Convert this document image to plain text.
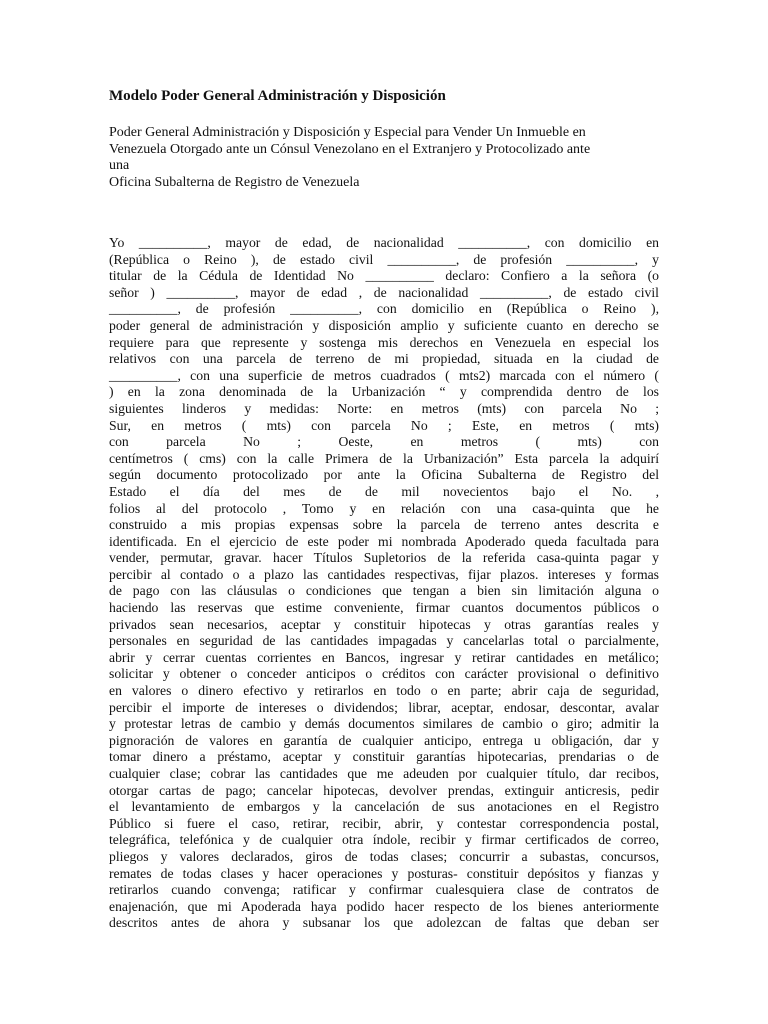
Modelo Poder General Administración y Disposición

Poder General Administración y Disposición y Especial para Vender Un Inmueble en
Venezuela Otorgado ante un Cónsul Venezolano en el Extranjero y Protocolizado ante
una
Oficina Subalterna de Registro de Venezuela

Yo __________, mayor de edad, de nacionalidad __________, con domicilio en
(República o Reino ), de estado civil __________, de profesión __________, y
titular de la Cédula de Identidad No __________ declaro: Confiero a la señora (o
señor ) __________, mayor de edad , de nacionalidad __________, de estado civil
__________, de profesión __________, con domicilio en (República o Reino ),
poder general de administración y disposición amplio y suficiente cuanto en derecho se
requiere para que represente y sostenga mis derechos en Venezuela en especial los
relativos con una parcela de terreno de mi propiedad, situada en la ciudad de
__________, con una superficie de metros cuadrados ( mts2) marcada con el número (
) en la zona denominada de la Urbanización “ y comprendida dentro de los
siguientes linderos y medidas: Norte: en metros (mts) con parcela No ;
Sur, en metros ( mts) con parcela No ; Este, en metros ( mts)
con parcela No ; Oeste, en metros ( mts) con
centímetros ( cms) con la calle Primera de la Urbanización” Esta parcela la adquirí
según documento protocolizado por ante la Oficina Subalterna de Registro del
Estado el día del mes de de mil novecientos bajo el No. ,
folios al del protocolo , Tomo y en relación con una casa-quinta que he
construido a mis propias expensas sobre la parcela de terreno antes descrita e
identificada. En el ejercicio de este poder mi nombrada Apoderado queda facultada para
vender, permutar, gravar. hacer Títulos Supletorios de la referida casa-quinta pagar y
percibir al contado o a plazo las cantidades respectivas, fijar plazos. intereses y formas
de pago con las cláusulas o condiciones que tengan a bien sin limitación alguna o
haciendo las reservas que estime conveniente, firmar cuantos documentos públicos o
privados sean necesarios, aceptar y constituir hipotecas y otras garantías reales y
personales en seguridad de las cantidades impagadas y cancelarlas total o parcialmente,
abrir y cerrar cuentas corrientes en Bancos, ingresar y retirar cantidades en metálico;
solicitar y obtener o conceder anticipos o créditos con carácter provisional o definitivo
en valores o dinero efectivo y retirarlos en todo o en parte; abrir caja de seguridad,
percibir el importe de intereses o dividendos; librar, aceptar, endosar, descontar, avalar
y protestar letras de cambio y demás documentos similares de cambio o giro; admitir la
pignoración de valores en garantía de cualquier anticipo, entrega u obligación, dar y
tomar dinero a préstamo, aceptar y constituir garantías hipotecarias, prendarias o de
cualquier clase; cobrar las cantidades que me adeuden por cualquier título, dar recibos,
otorgar cartas de pago; cancelar hipotecas, devolver prendas, extinguir anticresis, pedir
el levantamiento de embargos y la cancelación de sus anotaciones en el Registro
Público si fuere el caso, retirar, recibir, abrir, y contestar correspondencia postal,
telegráfica, telefónica y de cualquier otra índole, recibir y firmar certificados de correo,
pliegos y valores declarados, giros de todas clases; concurrir a subastas, concursos,
remates de todas clases y hacer operaciones y posturas- constituir depósitos y fianzas y
retirarlos cuando convenga; ratificar y confirmar cualesquiera clase de contratos de
enajenación, que mi Apoderada haya podido hacer respecto de los bienes anteriormente
descritos antes de ahora y subsanar los que adolezcan de faltas que deban ser
